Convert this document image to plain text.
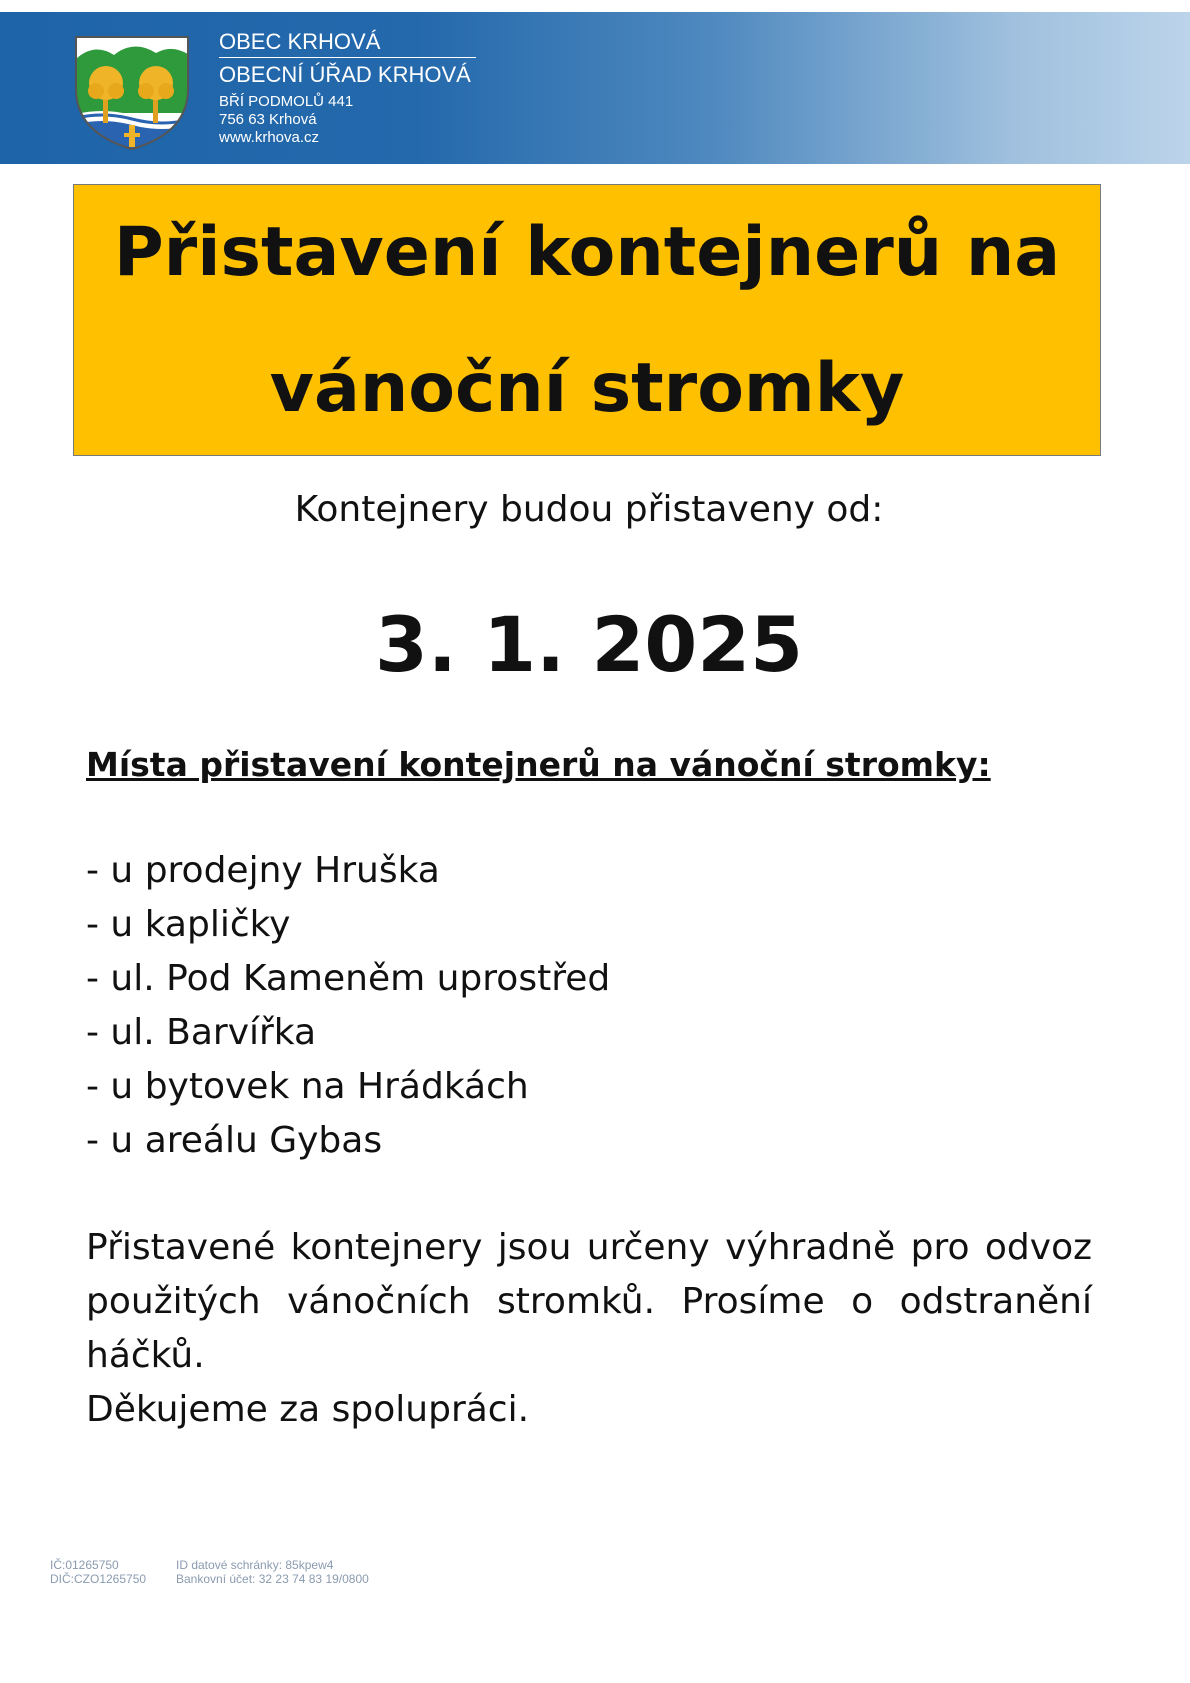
OBEC KRHOVÁ
OBECNÍ ÚŘAD KRHOVÁ
BŘÍ PODMOLŮ 441
756 63 Krhová
www.krhova.cz
Přistavení kontejnerů na
vánoční stromky
Kontejnery budou přistaveny od:
3. 1. 2025
Místa přistavení kontejnerů na vánoční stromky:
- u prodejny Hruška
- u kapličky
- ul. Pod Kameněm uprostřed
- ul. Barvířka
- u bytovek na Hrádkách
- u areálu Gybas

Přistavené kontejnery jsou určeny výhradně pro odvoz použitých vánočních stromků. Prosíme o odstranění háčků.

Děkujeme za spolupráci.

IČ:01265750
DIČ:CZO1265750
ID datové schránky: 85kpew4
Bankovní účet: 32 23 74 83 19/0800
